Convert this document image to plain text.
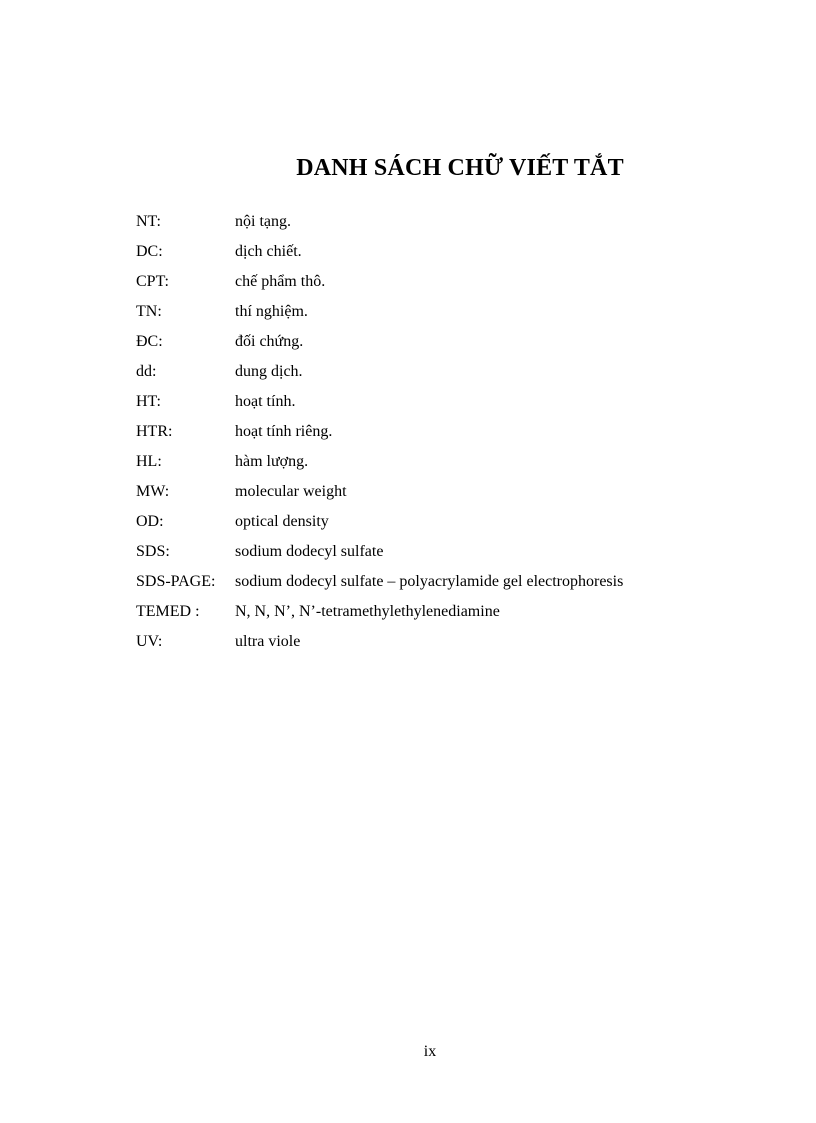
DANH SÁCH CHỮ VIẾT TẮT
NT:	nội tạng.
DC:	dịch chiết.
CPT:	chế phẩm thô.
TN:	thí nghiệm.
ĐC:	đối chứng.
dd:	dung dịch.
HT:	hoạt tính.
HTR:	hoạt tính riêng.
HL:	hàm lượng.
MW:	molecular weight
OD:	optical density
SDS:	sodium dodecyl sulfate
SDS-PAGE: sodium dodecyl sulfate – polyacrylamide gel electrophoresis
TEMED : N, N, N’, N’-tetramethylethylenediamine
UV:	ultra viole
ix
